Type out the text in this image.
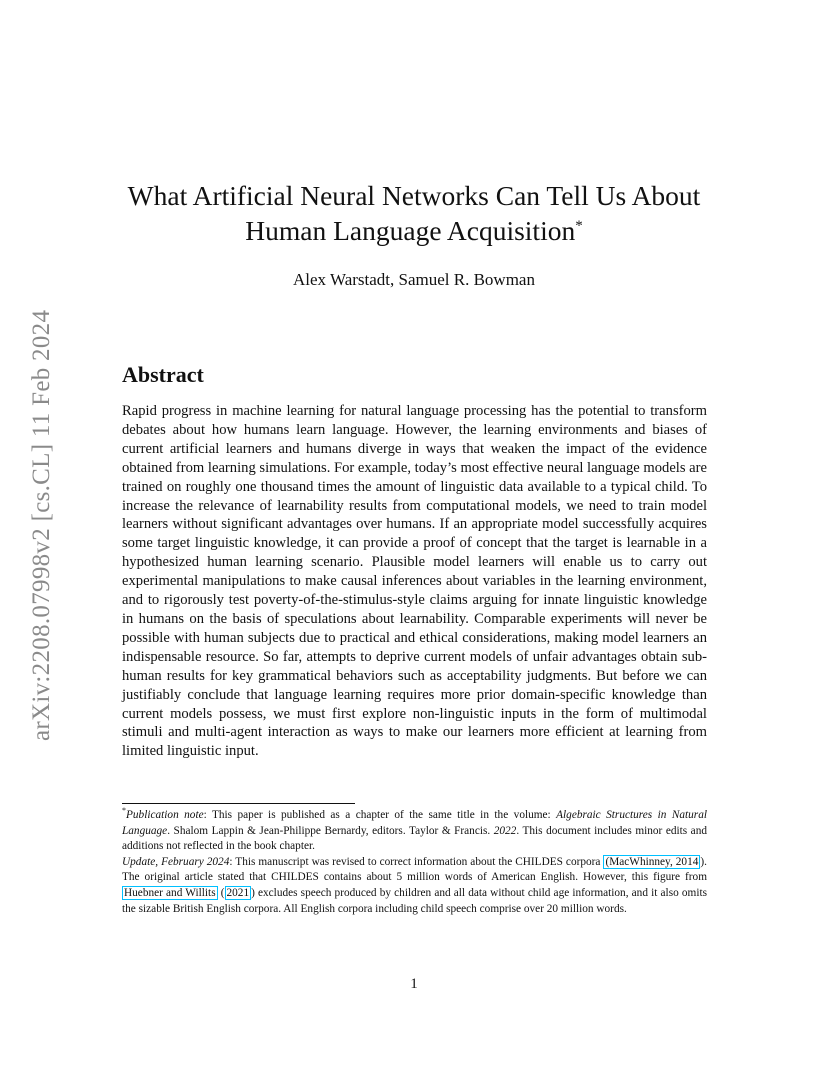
arXiv:2208.07998v2 [cs.CL] 11 Feb 2024
What Artificial Neural Networks Can Tell Us About Human Language Acquisition*
Alex Warstadt, Samuel R. Bowman
Abstract

Rapid progress in machine learning for natural language processing has the potential to transform debates about how humans learn language. However, the learning environments and biases of current artificial learners and humans diverge in ways that weaken the impact of the evidence obtained from learning simulations. For example, today’s most effective neural language models are trained on roughly one thousand times the amount of linguistic data available to a typical child. To increase the relevance of learnability results from computational models, we need to train model learners without significant advantages over humans. If an appropriate model successfully acquires some target linguistic knowledge, it can provide a proof of concept that the target is learnable in a hypothesized human learning scenario. Plausible model learners will enable us to carry out experimental manipulations to make causal inferences about variables in the learning environment, and to rigorously test poverty-of-the-stimulus-style claims arguing for innate linguistic knowledge in humans on the basis of speculations about learnability. Comparable experiments will never be possible with human subjects due to practical and ethical considerations, making model learners an indispensable resource. So far, attempts to deprive current models of unfair advantages obtain sub-human results for key grammatical behaviors such as acceptability judgments. But before we can justifiably conclude that language learning requires more prior domain-specific knowledge than current models possess, we must first explore non-linguistic inputs in the form of multimodal stimuli and multi-agent interaction as ways to make our learners more efficient at learning from limited linguistic input.

*Publication note: This paper is published as a chapter of the same title in the volume: Algebraic Structures in Natural Language. Shalom Lappin & Jean-Philippe Bernardy, editors. Taylor & Francis. 2022. This document includes minor edits and additions not reflected in the book chapter.

Update, February 2024: This manuscript was revised to correct information about the CHILDES corpora (MacWhinney, 2014 ). The original article stated that CHILDES contains about 5 million words of American English. However, this figure from Huebner and Willits ( 2021 ) excludes speech produced by children and all data without child age information, and it also omits the sizable British English corpora. All English corpora including child speech comprise over 20 million words.

1
